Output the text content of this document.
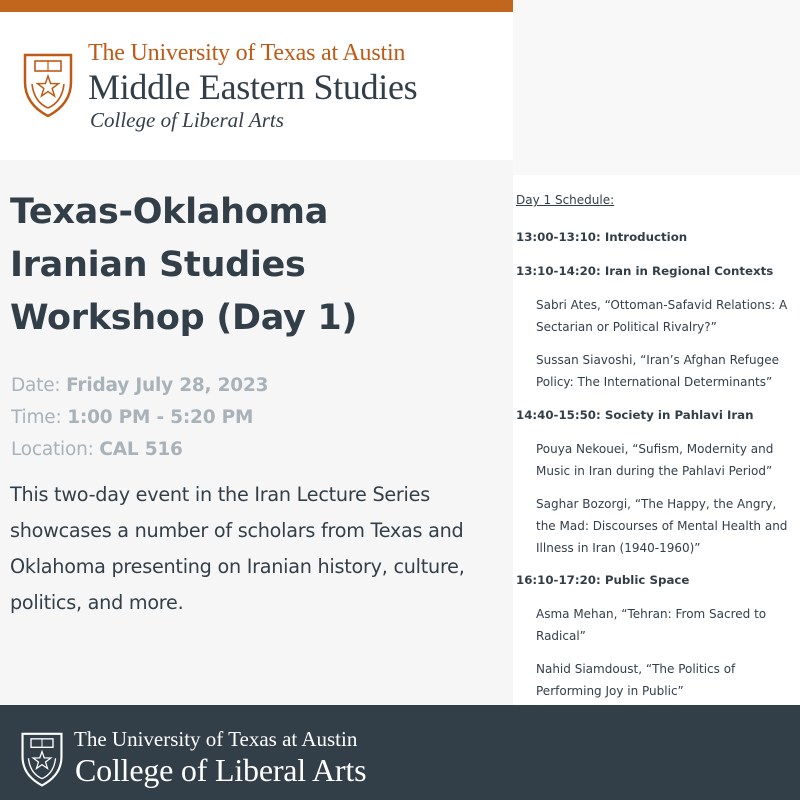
The University of Texas at Austin
Middle Eastern Studies
College of Liberal Arts
Texas-Oklahoma
Iranian Studies
Workshop (Day 1)
Date: Friday July 28, 2023
Time: 1:00 PM - 5:20 PM
Location: CAL 516
This two-day event in the Iran Lecture Series showcases a number of scholars from Texas and Oklahoma presenting on Iranian history, culture, politics, and more.
Day 1 Schedule:
13:00-13:10: Introduction
13:10-14:20: Iran in Regional Contexts
Sabri Ates, “Ottoman-Safavid Relations: A Sectarian or Political Rivalry?”
Sussan Siavoshi, “Iran’s Afghan Refugee Policy: The International Determinants”
14:40-15:50: Society in Pahlavi Iran
Pouya Nekouei, “Sufism, Modernity and Music in Iran during the Pahlavi Period”
Saghar Bozorgi, “The Happy, the Angry, the Mad: Discourses of Mental Health and Illness in Iran (1940-1960)”
16:10-17:20: Public Space
Asma Mehan, “Tehran: From Sacred to Radical”
Nahid Siamdoust, “The Politics of Performing Joy in Public”
The University of Texas at Austin
College of Liberal Arts
